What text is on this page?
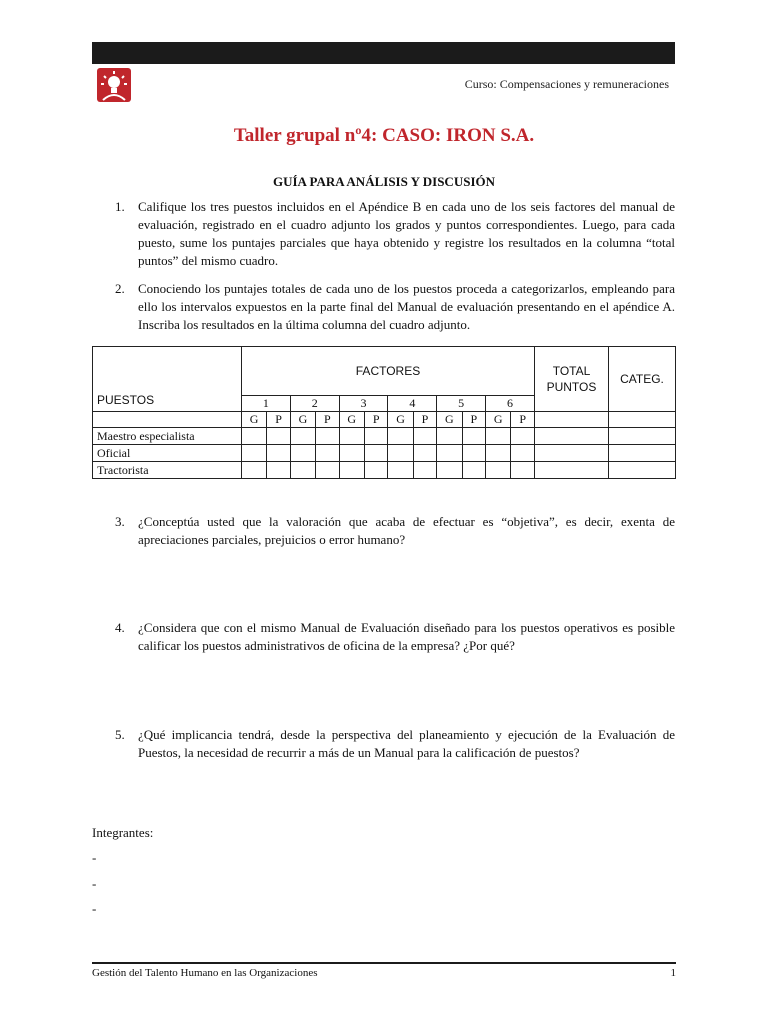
Curso: Compensaciones y remuneraciones
Taller grupal nº4: CASO: IRON S.A.
GUÍA PARA ANÁLISIS Y DISCUSIÓN
1. Califique los tres puestos incluidos en el Apéndice B en cada uno de los seis factores del manual de evaluación, registrado en el cuadro adjunto los grados y puntos correspondientes. Luego, para cada puesto, sume los puntajes parciales que haya obtenido y registre los resultados en la columna “total puntos” del mismo cuadro.
2. Conociendo los puntajes totales de cada uno de los puestos proceda a categorizarlos, empleando para ello los intervalos expuestos en la parte final del Manual de evaluación presentando en el apéndice A. Inscriba los resultados en la última columna del cuadro adjunto.
PUESTOS	FACTORES												TOTAL PUNTOS	CATEG.
	1		2		3		4		5		6			
	G	P	G	P	G	P	G	P	G	P	G	P		
Maestro especialista														
Oficial														
Tractorista														
3. ¿Conceptúa usted que la valoración que acaba de efectuar es “objetiva”, es decir, exenta de apreciaciones parciales, prejuicios o error humano?
4. ¿Considera que con el mismo Manual de Evaluación diseñado para los puestos operativos es posible calificar los puestos administrativos de oficina de la empresa? ¿Por qué?
5. ¿Qué implicancia tendrá, desde la perspectiva del planeamiento y ejecución de la Evaluación de Puestos, la necesidad de recurrir a más de un Manual para la calificación de puestos?
Integrantes:
-
-
-
Gestión del Talento Humano en las Organizaciones	1
